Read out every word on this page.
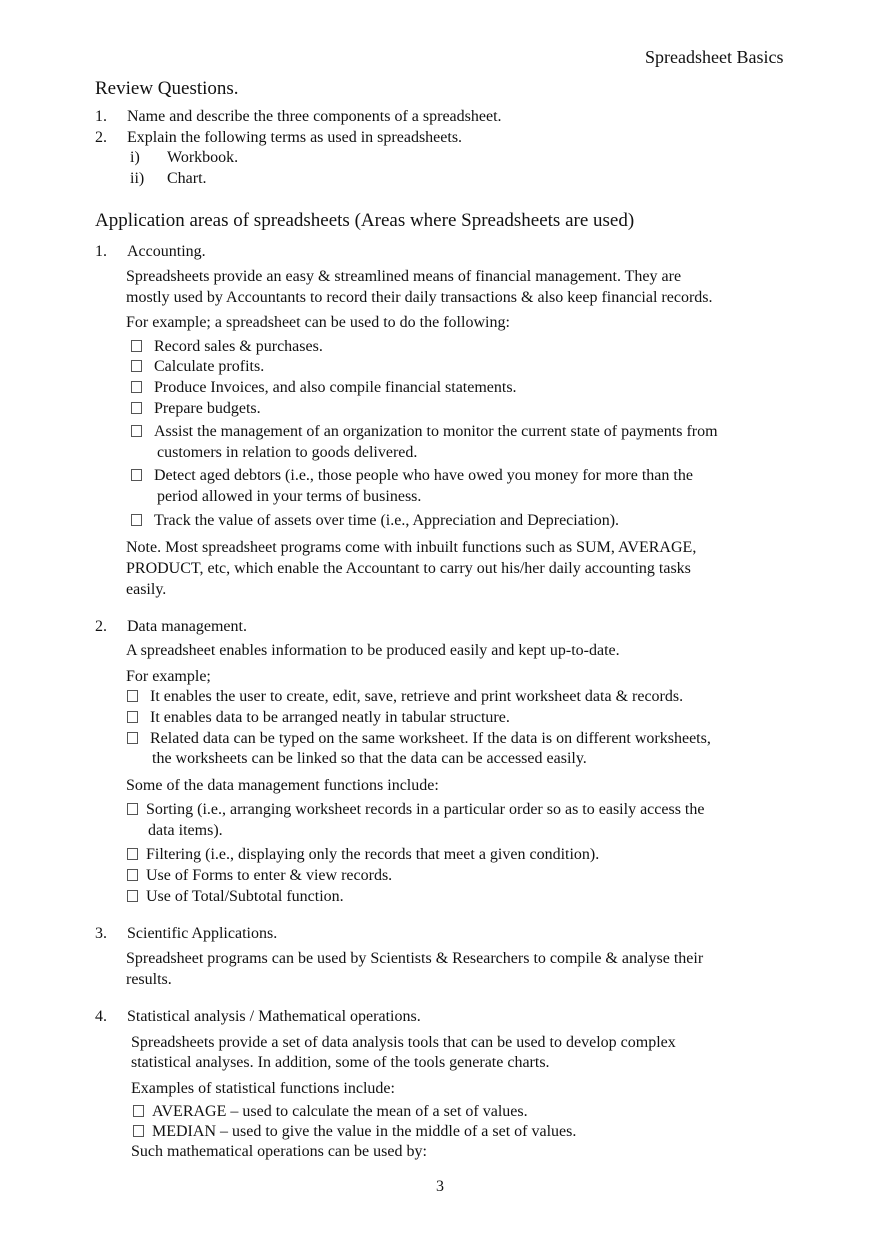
Spreadsheet Basics
Review Questions.
1. Name and describe the three components of a spreadsheet.
2. Explain the following terms as used in spreadsheets.
i) Workbook.
ii) Chart.
Application areas of spreadsheets (Areas where Spreadsheets are used)
1. Accounting.
Spreadsheets provide an easy & streamlined means of financial management. They are
mostly used by Accountants to record their daily transactions & also keep financial records.
For example; a spreadsheet can be used to do the following:
Record sales & purchases.
Calculate profits.
Produce Invoices, and also compile financial statements.
Prepare budgets.
Assist the management of an organization to monitor the current state of payments from
customers in relation to goods delivered.
Detect aged debtors (i.e., those people who have owed you money for more than the
period allowed in your terms of business.
Track the value of assets over time (i.e., Appreciation and Depreciation).
Note. Most spreadsheet programs come with inbuilt functions such as SUM, AVERAGE,
PRODUCT, etc, which enable the Accountant to carry out his/her daily accounting tasks
easily.
2. Data management.
A spreadsheet enables information to be produced easily and kept up-to-date.
For example;
It enables the user to create, edit, save, retrieve and print worksheet data & records.
It enables data to be arranged neatly in tabular structure.
Related data can be typed on the same worksheet. If the data is on different worksheets,
the worksheets can be linked so that the data can be accessed easily.
Some of the data management functions include:
Sorting (i.e., arranging worksheet records in a particular order so as to easily access the
data items).
Filtering (i.e., displaying only the records that meet a given condition).
Use of Forms to enter & view records.
Use of Total/Subtotal function.
3. Scientific Applications.
Spreadsheet programs can be used by Scientists & Researchers to compile & analyse their
results.
4. Statistical analysis / Mathematical operations.
Spreadsheets provide a set of data analysis tools that can be used to develop complex
statistical analyses. In addition, some of the tools generate charts.
Examples of statistical functions include:
AVERAGE – used to calculate the mean of a set of values.
MEDIAN – used to give the value in the middle of a set of values.
Such mathematical operations can be used by:
3
